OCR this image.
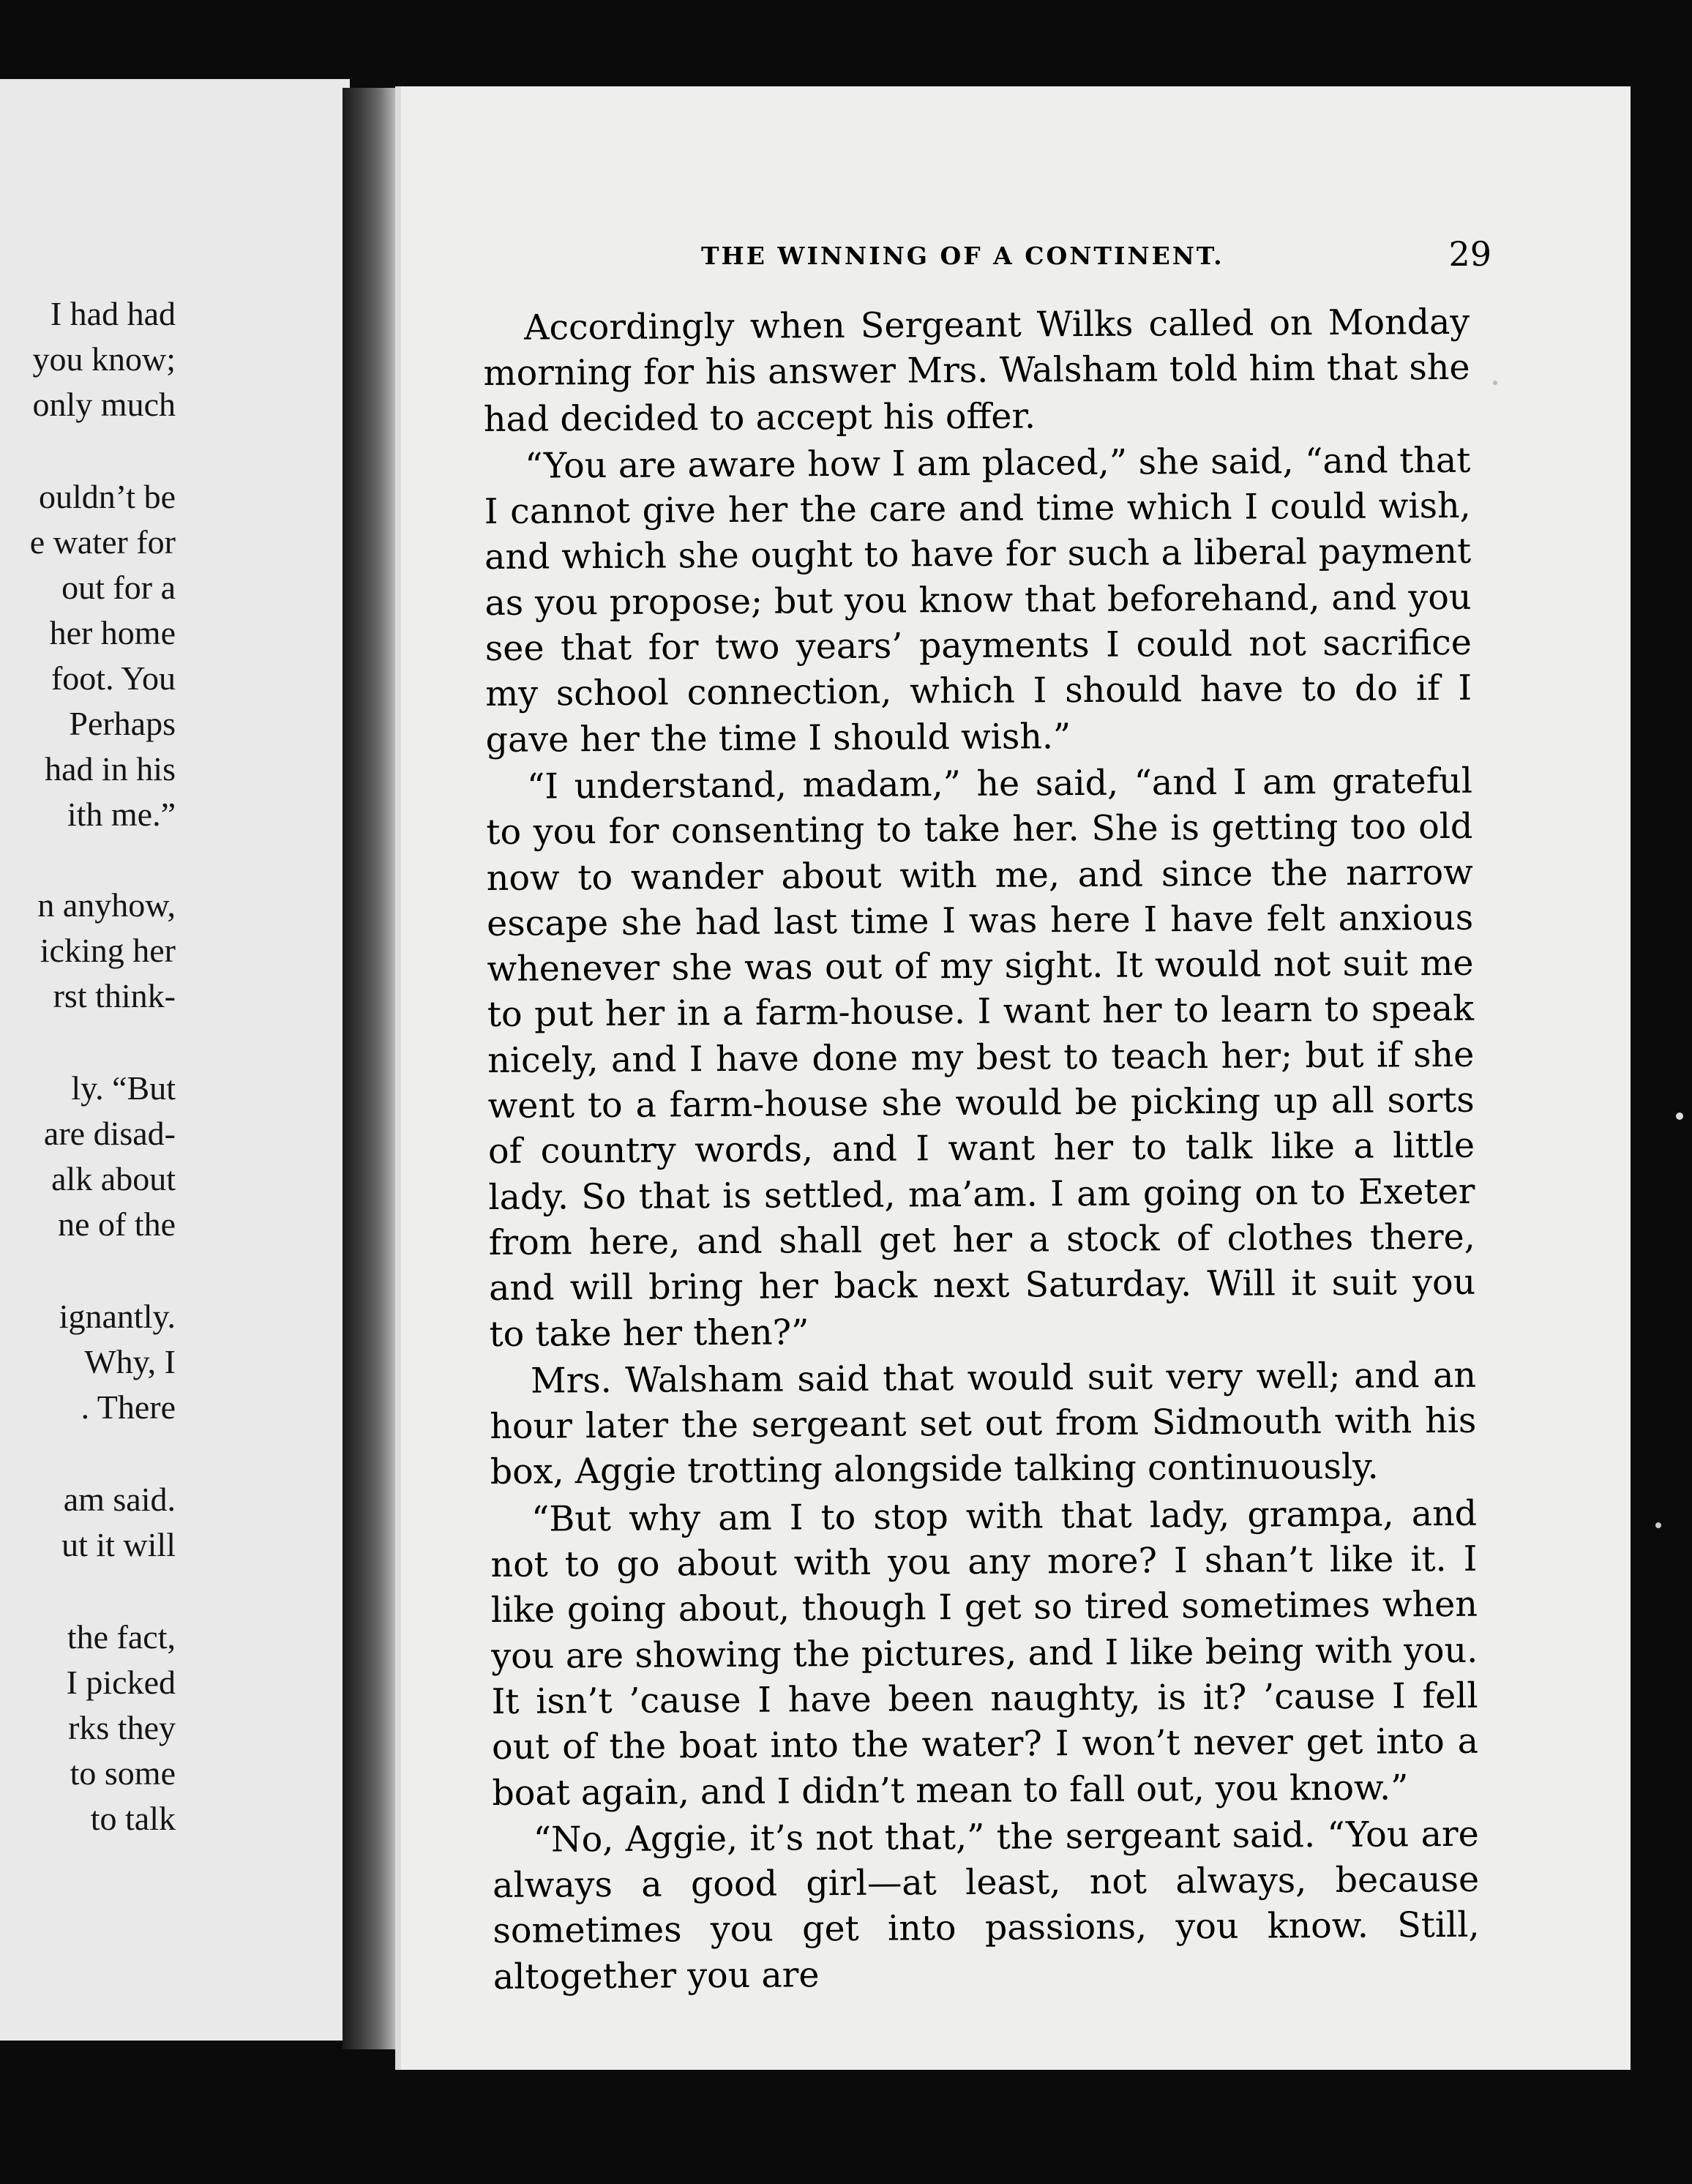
I had had
you know;
only much
ouldn’t be
e water for
out for a
her home
foot. You
Perhaps
had in his
ith me.”
n anyhow,
icking her
rst think-
ly. “But
are disad-
alk about
ne of the
ignantly.
Why, I
. There
am said.
ut it will
the fact,
I picked
rks they
to some
to talk
THE WINNING OF A CONTINENT.	29

Accordingly when Sergeant Wilks called on Monday morning for his answer Mrs. Walsham told him that she had decided to accept his offer.

“You are aware how I am placed,” she said, “and that I cannot give her the care and time which I could wish, and which she ought to have for such a liberal payment as you propose; but you know that beforehand, and you see that for two years’ payments I could not sacrifice my school connection, which I should have to do if I gave her the time I should wish.”

“I understand, madam,” he said, “and I am grateful to you for consenting to take her. She is getting too old now to wander about with me, and since the narrow escape she had last time I was here I have felt anxious whenever she was out of my sight. It would not suit me to put her in a farm-house. I want her to learn to speak nicely, and I have done my best to teach her; but if she went to a farm-house she would be picking up all sorts of country words, and I want her to talk like a little lady. So that is settled, ma’am. I am going on to Exeter from here, and shall get her a stock of clothes there, and will bring her back next Saturday. Will it suit you to take her then?”

Mrs. Walsham said that would suit very well; and an hour later the sergeant set out from Sidmouth with his box, Aggie trotting alongside talking continuously.

“But why am I to stop with that lady, grampa, and not to go about with you any more? I shan’t like it. I like going about, though I get so tired sometimes when you are showing the pictures, and I like being with you. It isn’t ’cause I have been naughty, is it? ’cause I fell out of the boat into the water? I won’t never get into a boat again, and I didn’t mean to fall out, you know.”

“No, Aggie, it’s not that,” the sergeant said. “You are always a good girl—at least, not always, because sometimes you get into passions, you know. Still, altogether you are
